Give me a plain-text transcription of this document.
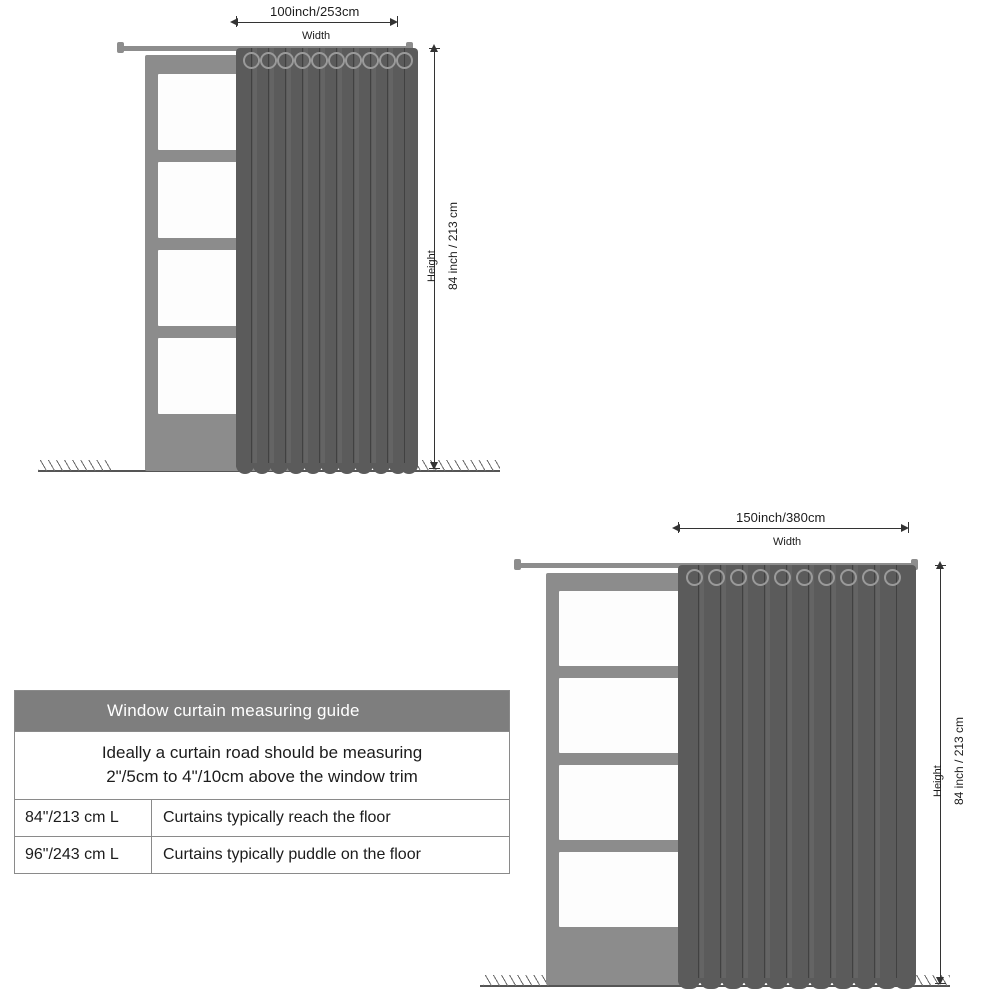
100inch/253cm
Width
84 inch / 213 cm
Height
150inch/380cm
Width
84 inch / 213 cm
Height
Window curtain measuring guide
Ideally a curtain road should be measuring
2"/5cm to 4"/10cm above the window trim
84"/213 cm L	Curtains typically reach the floor
96"/243 cm L	Curtains typically puddle on the floor
